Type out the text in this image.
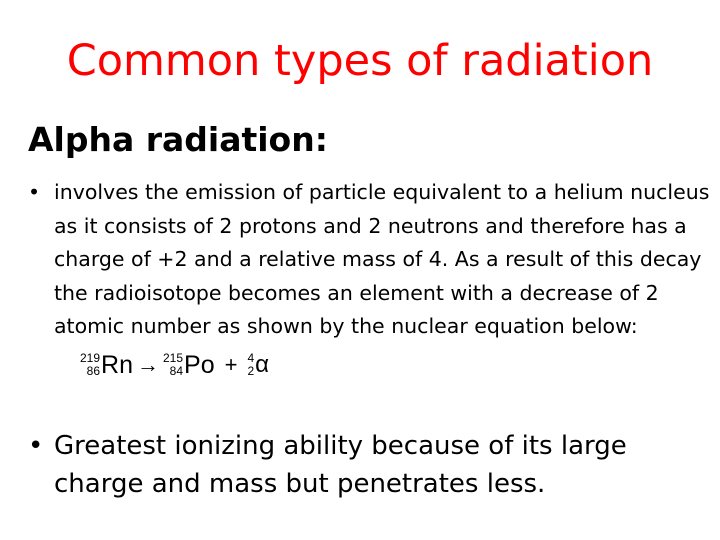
Common types of radiation
Alpha radiation:
• involves the emission of particle equivalent to a helium nucleus as it consists of 2 protons and 2 neutrons and therefore has a charge of +2 and a relative mass of 4. As a result of this decay the radioisotope becomes an element with a decrease of 2 atomic number as shown by the nuclear equation below:
219
86 Rn → 215
84 Po + 4
2 α
• Greatest ionizing ability because of its large charge and mass but penetrates less.
